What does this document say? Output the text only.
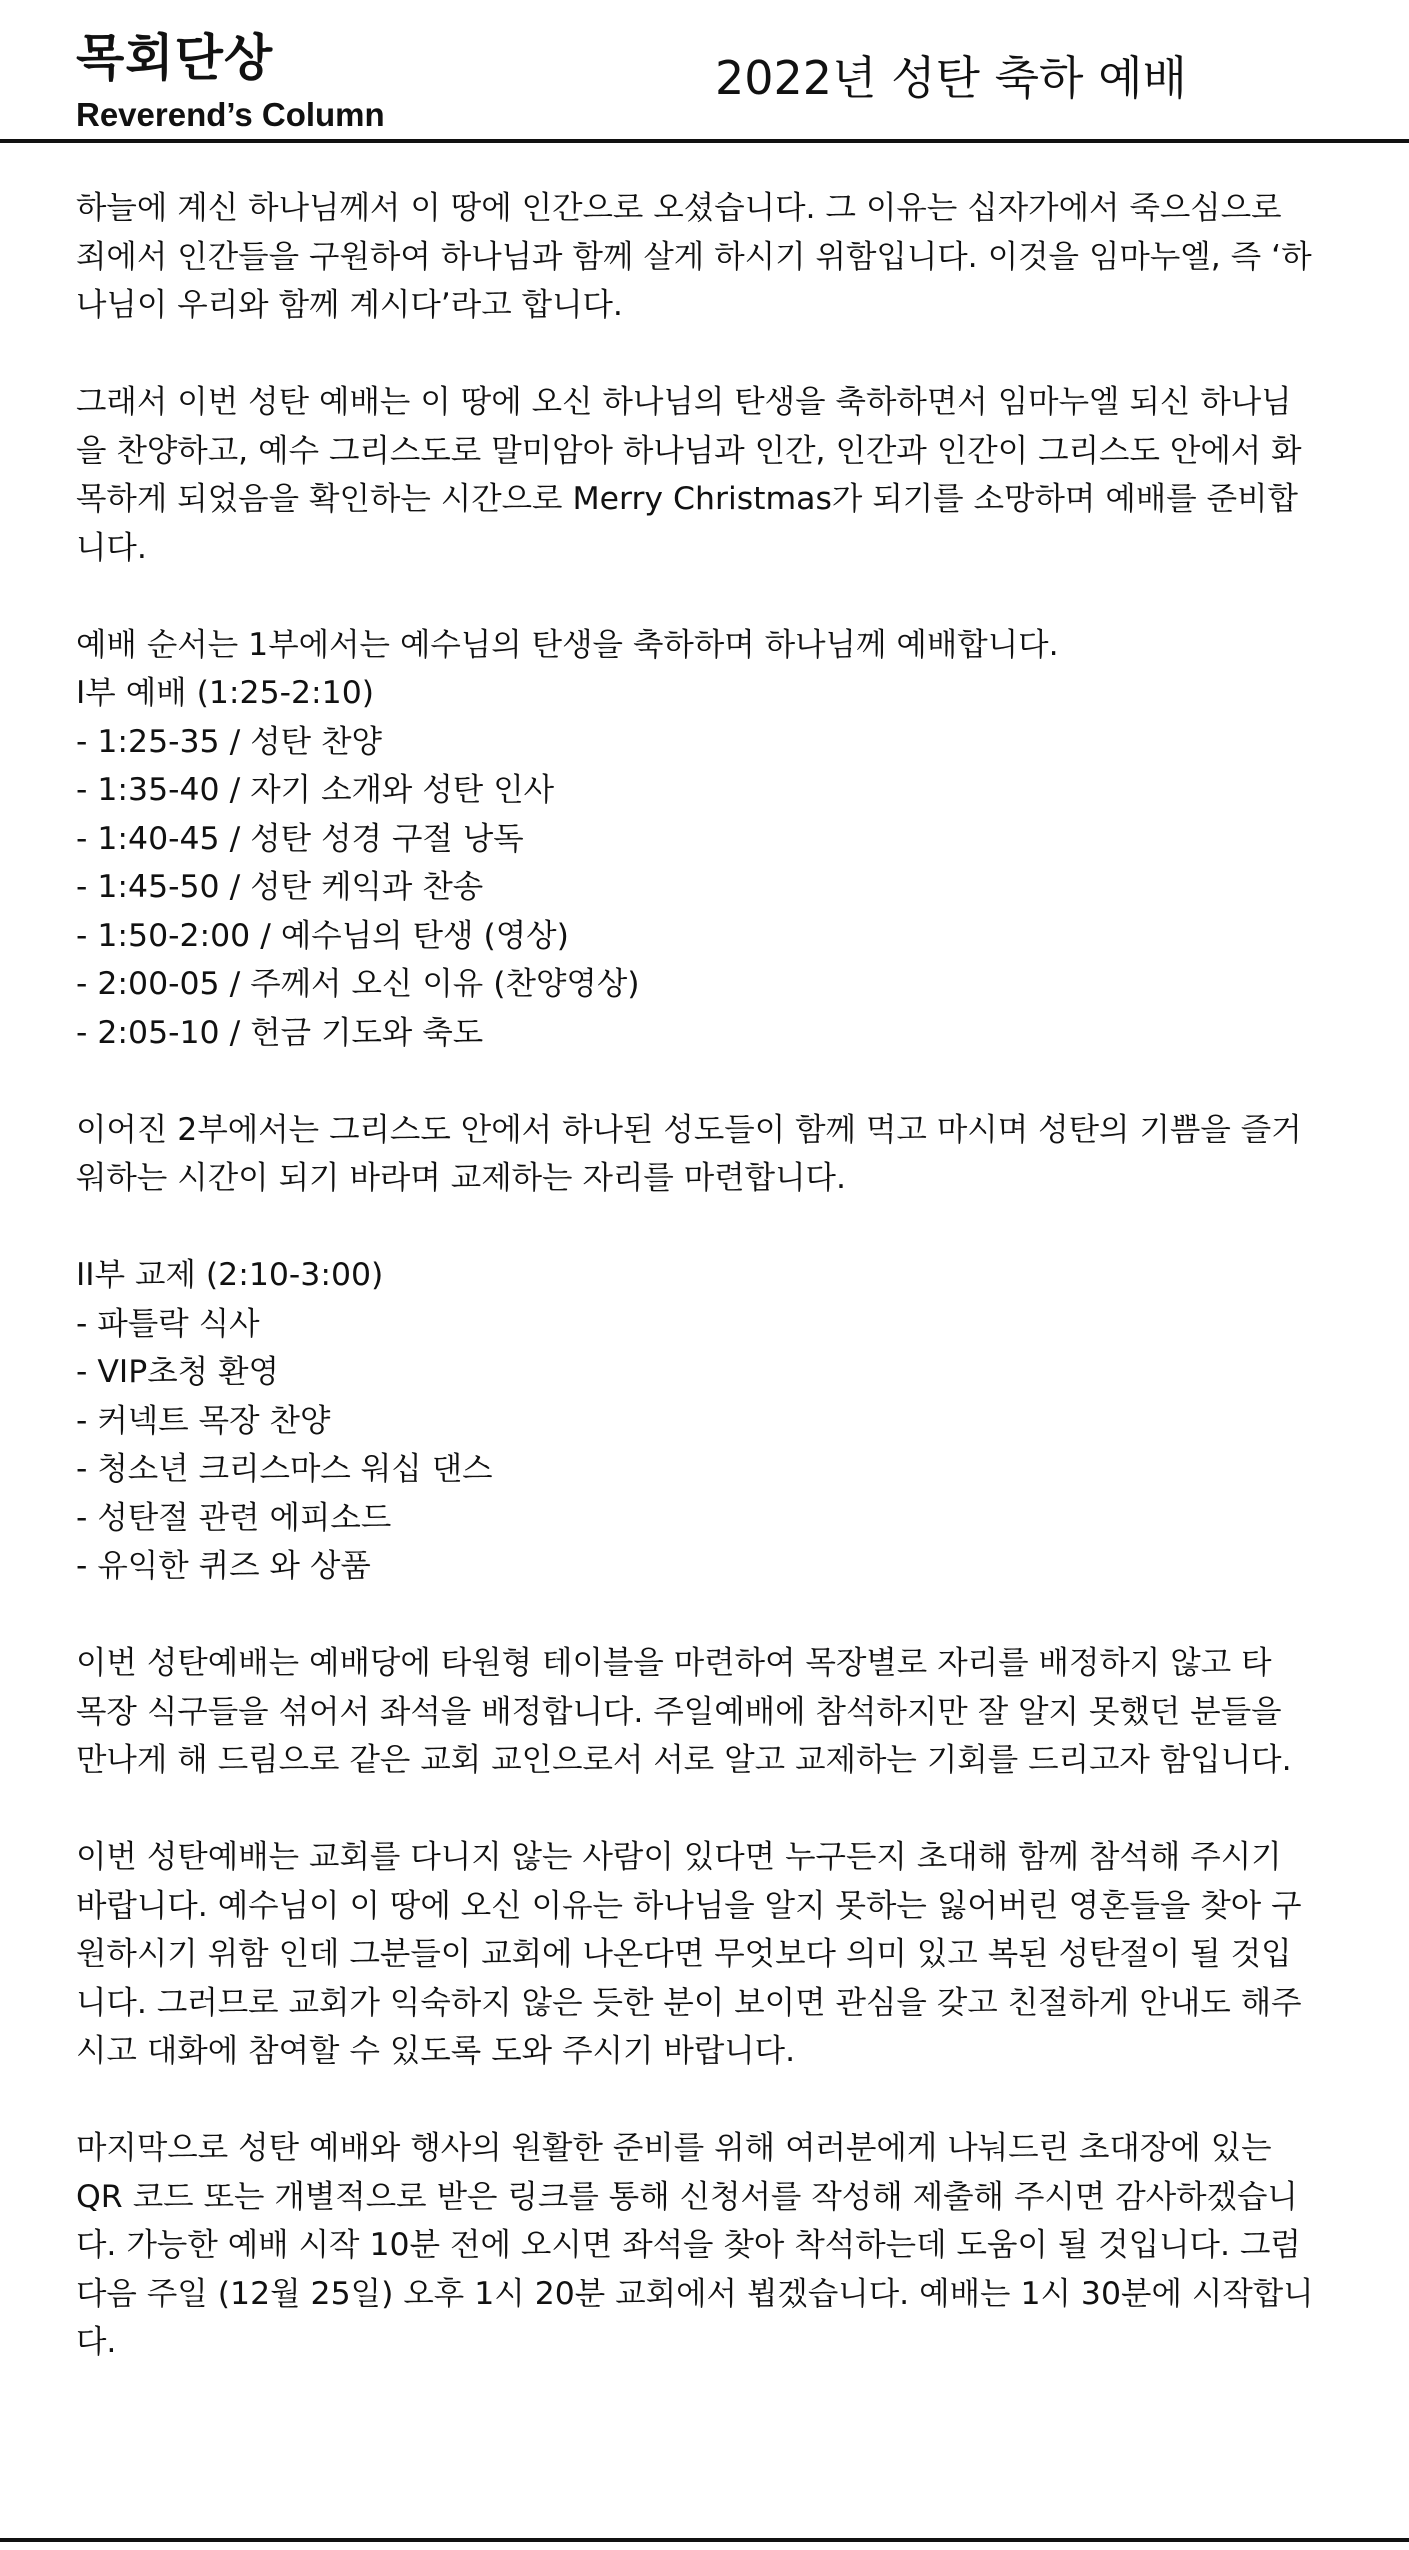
목회단상
Reverend’s Column
2022년 성탄 축하 예배

하늘에 계신 하나님께서 이 땅에 인간으로 오셨습니다. 그 이유는 십자가에서 죽으심으로
죄에서 인간들을 구원하여 하나님과 함께 살게 하시기 위함입니다. 이것을 임마누엘, 즉 ‘하
나님이 우리와 함께 계시다’라고 합니다.

그래서 이번 성탄 예배는 이 땅에 오신 하나님의 탄생을 축하하면서 임마누엘 되신 하나님
을 찬양하고, 예수 그리스도로 말미암아 하나님과 인간, 인간과 인간이 그리스도 안에서 화
목하게 되었음을 확인하는 시간으로 Merry Christmas가 되기를 소망하며 예배를 준비합
니다.

예배 순서는 1부에서는 예수님의 탄생을 축하하며 하나님께 예배합니다.
I부 예배 (1:25-2:10)
- 1:25-35 / 성탄 찬양
- 1:35-40 / 자기 소개와 성탄 인사
- 1:40-45 / 성탄 성경 구절 낭독
- 1:45-50 / 성탄 케익과 찬송
- 1:50-2:00 / 예수님의 탄생 (영상)
- 2:00-05 / 주께서 오신 이유 (찬양영상)
- 2:05-10 / 헌금 기도와 축도

이어진 2부에서는 그리스도 안에서 하나된 성도들이 함께 먹고 마시며 성탄의 기쁨을 즐거
워하는 시간이 되기 바라며 교제하는 자리를 마련합니다.

II부 교제 (2:10-3:00)
- 파틀락 식사
- VIP초청 환영
- 커넥트 목장 찬양
- 청소년 크리스마스 워십 댄스
- 성탄절 관련 에피소드
- 유익한 퀴즈 와 상품

이번 성탄예배는 예배당에 타원형 테이블을 마련하여 목장별로 자리를 배정하지 않고 타
목장 식구들을 섞어서 좌석을 배정합니다. 주일예배에 참석하지만 잘 알지 못했던 분들을
만나게 해 드림으로 같은 교회 교인으로서 서로 알고 교제하는 기회를 드리고자 함입니다.

이번 성탄예배는 교회를 다니지 않는 사람이 있다면 누구든지 초대해 함께 참석해 주시기
바랍니다. 예수님이 이 땅에 오신 이유는 하나님을 알지 못하는 잃어버린 영혼들을 찾아 구
원하시기 위함 인데 그분들이 교회에 나온다면 무엇보다 의미 있고 복된 성탄절이 될 것입
니다. 그러므로 교회가 익숙하지 않은 듯한 분이 보이면 관심을 갖고 친절하게 안내도 해주
시고 대화에 참여할 수 있도록 도와 주시기 바랍니다.

마지막으로 성탄 예배와 행사의 원활한 준비를 위해 여러분에게 나눠드린 초대장에 있는
QR 코드 또는 개별적으로 받은 링크를 통해 신청서를 작성해 제출해 주시면 감사하겠습니
다. 가능한 예배 시작 10분 전에 오시면 좌석을 찾아 착석하는데 도움이 될 것입니다. 그럼
다음 주일 (12월 25일) 오후 1시 20분 교회에서 뵙겠습니다. 예배는 1시 30분에 시작합니
다.
